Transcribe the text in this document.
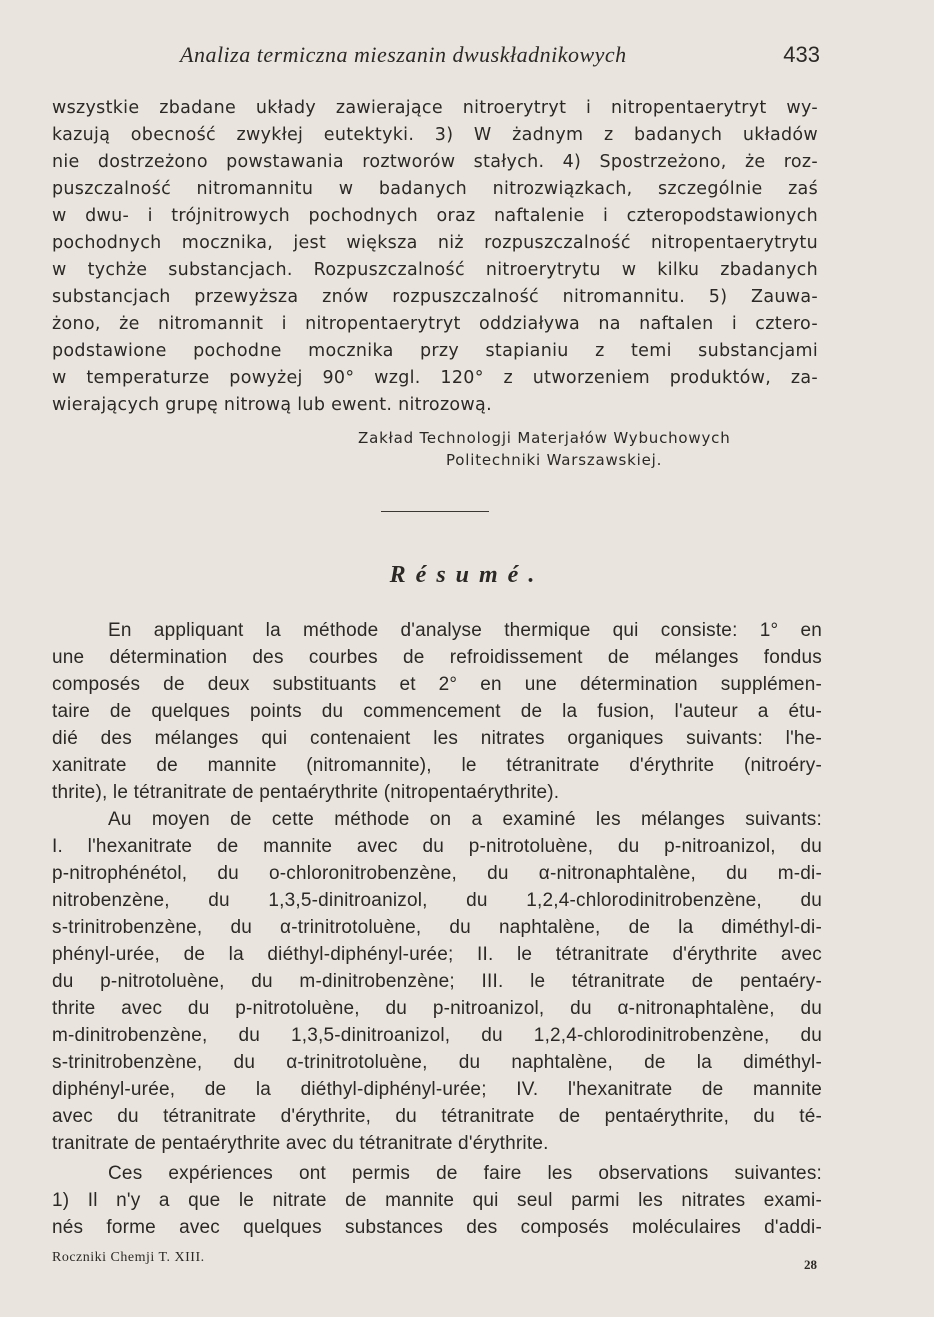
Analiza termiczna mieszanin dwuskładnikowych	433
wszystkie zbadane układy zawierające nitroerytryt i nitropentaerytryt wy-
kazują obecność zwykłej eutektyki. 3) W żadnym z badanych układów
nie dostrzeżono powstawania roztworów stałych. 4) Spostrzeżono, że roz-
puszczalność nitromannitu w badanych nitrozwiązkach, szczególnie zaś
w dwu- i trójnitrowych pochodnych oraz naftalenie i czteropodstawionych
pochodnych mocznika, jest większa niż rozpuszczalność nitropentaerytrytu
w tychże substancjach. Rozpuszczalność nitroerytrytu w kilku zbadanych
substancjach przewyższa znów rozpuszczalność nitromannitu. 5) Zauwa-
żono, że nitromannit i nitropentaerytryt oddziaływa na naftalen i cztero-
podstawione pochodne mocznika przy stapianiu z temi substancjami
w temperaturze powyżej 90° wzgl. 120° z utworzeniem produktów, za-
wierających grupę nitrową lub ewent. nitrozową.
Zakład Technologji Materjałów Wybuchowych
Politechniki Warszawskiej.
Résumé.
En appliquant la méthode d'analyse thermique qui consiste: 1° en
une détermination des courbes de refroidissement de mélanges fondus
composés de deux substituants et 2° en une détermination supplémen-
taire de quelques points du commencement de la fusion, l'auteur a étu-
dié des mélanges qui contenaient les nitrates organiques suivants: l'he-
xanitrate de mannite (nitromannite), le tétranitrate d'érythrite (nitroéry-
thrite), le tétranitrate de pentaérythrite (nitropentaérythrite).
Au moyen de cette méthode on a examiné les mélanges suivants:
I. l'hexanitrate de mannite avec du p-nitrotoluène, du p-nitroanizol, du
p-nitrophénétol, du o-chloronitrobenzène, du α-nitronaphtalène, du m-di-
nitrobenzène, du 1,3,5-dinitroanizol, du 1,2,4-chlorodinitrobenzène, du
s-trinitrobenzène, du α-trinitrotoluène, du naphtalène, de la diméthyl-di-
phényl-urée, de la diéthyl-diphényl-urée; II. le tétranitrate d'érythrite avec
du p-nitrotoluène, du m-dinitrobenzène; III. le tétranitrate de pentaéry-
thrite avec du p-nitrotoluène, du p-nitroanizol, du α-nitronaphtalène, du
m-dinitrobenzène, du 1,3,5-dinitroanizol, du 1,2,4-chlorodinitrobenzène, du
s-trinitrobenzène, du α-trinitrotoluène, du naphtalène, de la diméthyl-
diphényl-urée, de la diéthyl-diphényl-urée; IV. l'hexanitrate de mannite
avec du tétranitrate d'érythrite, du tétranitrate de pentaérythrite, du té-
tranitrate de pentaérythrite avec du tétranitrate d'érythrite.
Ces expériences ont permis de faire les observations suivantes:
1) Il n'y a que le nitrate de mannite qui seul parmi les nitrates exami-
nés forme avec quelques substances des composés moléculaires d'addi-
Roczniki Chemji T. XIII.	28
